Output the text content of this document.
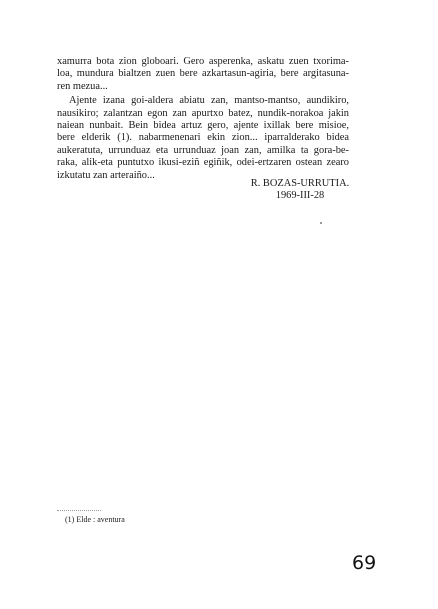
xamurra bota zion globoari. Gero asperenka, askatu zuen txorima-
loa, mundura bialtzen zuen bere azkartasun-agiria, bere argitasuna-
ren mezua...
Ajente izana goi-aldera abiatu zan, mantso-mantso, aundikiro,
nausikiro; zalantzan egon zan apurtxo batez, nundik-norakoa jakin
naiean nunbait. Bein bidea artuz gero, ajente ixillak bere misioe,
bere elderik (1). nabarmenenari ekin zion... iparralderako bidea
aukeratuta, urrunduaz eta urrunduaz joan zan, amilka ta gora-be-
raka, alik-eta puntutxo ikusi-eziñ egiñik, odei-ertzaren ostean zearo
izkutatu zan arteraiño...
R. BOZAS-URRUTIA.
1969-III-28
(1) Elde : aventura
69
